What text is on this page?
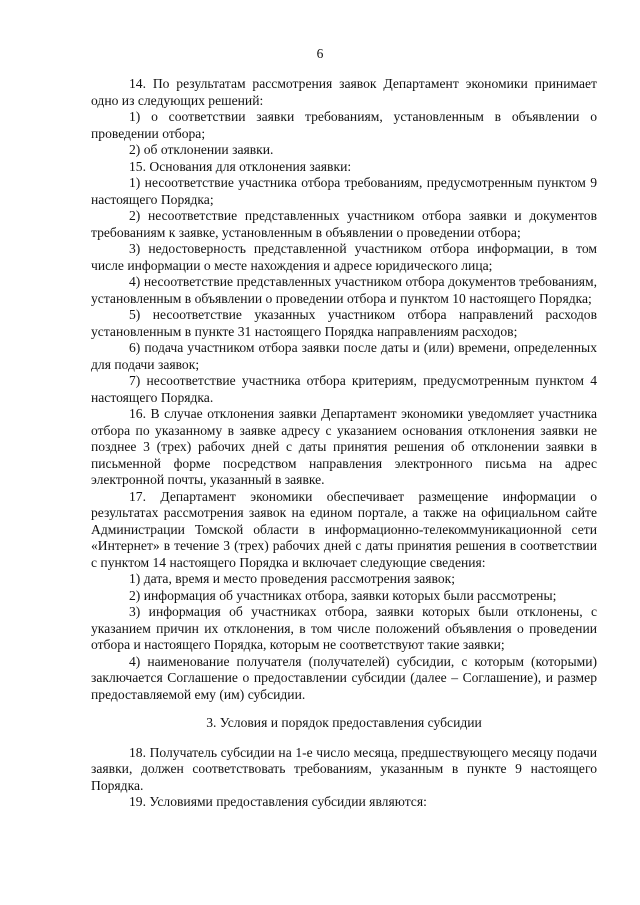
6

14. По результатам рассмотрения заявок Департамент экономики принимает одно из следующих решений:

1) о соответствии заявки требованиям, установленным в объявлении о проведении отбора;

2) об отклонении заявки.

15. Основания для отклонения заявки:

1) несоответствие участника отбора требованиям, предусмотренным пунктом 9 настоящего Порядка;

2) несоответствие представленных участником отбора заявки и документов требованиям к заявке, установленным в объявлении о проведении отбора;

3) недостоверность представленной участником отбора информации, в том числе информации о месте нахождения и адресе юридического лица;

4) несоответствие представленных участником отбора документов требованиям, установленным в объявлении о проведении отбора и пунктом 10 настоящего Порядка;

5) несоответствие указанных участником отбора направлений расходов установленным в пункте 31 настоящего Порядка направлениям расходов;

6) подача участником отбора заявки после даты и (или) времени, определенных для подачи заявок;

7) несоответствие участника отбора критериям, предусмотренным пунктом 4 настоящего Порядка.

16. В случае отклонения заявки Департамент экономики уведомляет участника отбора по указанному в заявке адресу с указанием основания отклонения заявки не позднее 3 (трех) рабочих дней с даты принятия решения об отклонении заявки в письменной форме посредством направления электронного письма на адрес электронной почты, указанный в заявке.

17. Департамент экономики обеспечивает размещение информации о результатах рассмотрения заявок на едином портале, а также на официальном сайте Администрации Томской области в информационно-телекоммуникационной сети «Интернет» в течение 3 (трех) рабочих дней с даты принятия решения в соответствии с пунктом 14 настоящего Порядка и включает следующие сведения:

1) дата, время и место проведения рассмотрения заявок;

2) информация об участниках отбора, заявки которых были рассмотрены;

3) информация об участниках отбора, заявки которых были отклонены, с указанием причин их отклонения, в том числе положений объявления о проведении отбора и настоящего Порядка, которым не соответствуют такие заявки;

4) наименование получателя (получателей) субсидии, с которым (которыми) заключается Соглашение о предоставлении субсидии (далее – Соглашение), и размер предоставляемой ему (им) субсидии.

3. Условия и порядок предоставления субсидии

18. Получатель субсидии на 1-е число месяца, предшествующего месяцу подачи заявки, должен соответствовать требованиям, указанным в пункте 9 настоящего Порядка.

19. Условиями предоставления субсидии являются:
